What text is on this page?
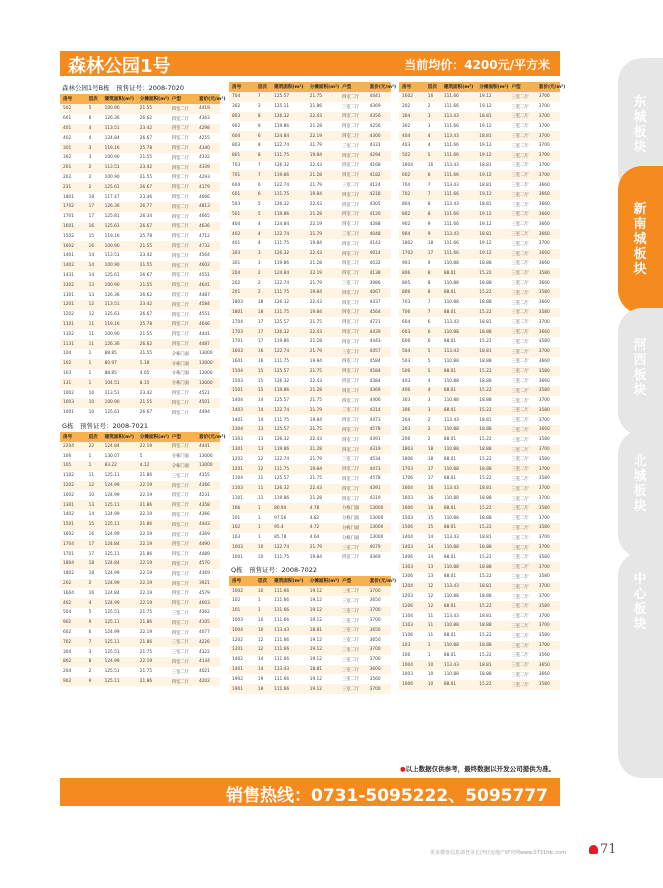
森林公园1号	当前均价：4200元/平方米
森林公园1号B栋　预售证号：2008-7020
房号	层次	建筑面积(m²)	分摊面积(m²)	户型	套价(元/m²)
502	5	100.90	21.55	四室二厅	4419
601	6	126.36	26.62	四室二厅	4363
401	4	113.51	23.42	四室二厅	4298
402	4	124.84	26.67	四室二厅	4255
301	3	119.16	25.78	四室二厅	4340
302	3	100.90	21.55	四室二厅	4332
201	2	113.51	23.42	四室二厅	4339
202	2	100.90	21.55	四室二厅	4293
231	2	125.61	26.67	四室二厅	4179
1801	18	117.47	23.46	四室二厅	4666
1702	17	126.36	26.77	四室二厅	4813
1701	17	125.81	26.34	四室二厅	4665
1601	16	125.61	26.67	四室二厅	4636
1502	15	119.16	25.78	四室二厅	4712
1602	16	100.90	21.55	四室二厅	4732
1401	14	113.51	23.42	四室二厅	4564
1402	14	100.90	21.55	四室二厅	4602
1431	14	125.61	26.67	四室二厅	4551
1302	13	100.90	21.55	四室二厅	4641
1301	13	126.36	26.62	四室二厅	4487
1201	12	113.51	23.42	四室二厅	4584
1202	12	125.61	26.67	四室二厅	4551
1101	11	119.16	25.78	四室二厅	4646
1102	11	100.90	21.55	四室二厅	4441
1131	11	126.36	26.62	四室二厅	4487
104	1	88.85	21.55	分栋门面	13000
102	1	80.97	5.18	分栋门面	13000
103	1	88.85	4.05	分栋门面	13000
131	1	104.51	8.15	分栋门面	13000
1002	10	113.51	23.42	四室二厅	4521
1003	10	100.90	21.55	四室二厅	4501
1001	10	125.61	26.67	四室二厅	4494
G栋　预售证号：2008-7021
房号	层次	建筑面积(m²)	分摊面积(m²)	户型	套价(元/m²)
2204	22	124.84	22.19	四室二厅	4441
106	1	130.07	5	分栋门面	13000
105	1	83.22	4.12	分栋门面	13000
1102	11	125.11	21.86	三室二厅	4355
1202	12	124.99	22.19	四室二厅	4366
1002	10	124.99	22.19	四室二厅	4231
1301	13	125.11	21.86	四室二厅	4358
1402	14	124.99	22.19	四室二厅	4366
1501	15	125.11	21.86	四室二厅	4443
1602	16	124.99	22.19	四室二厅	4369
1704	17	124.84	22.19	四室二厅	4490
1701	17	125.11	21.86	四室二厅	4489
1804	18	124.84	22.19	四室二厅	4570
1802	18	124.99	22.19	四室二厅	4369
202	2	124.99	22.19	四室二厅	3921
1604	16	124.84	22.19	四室二厅	4579
402	4	124.99	22.19	四室二厅	4003
504	5	125.51	21.75	三室二厅	4362
902	9	125.11	21.86	四室二厅	4105
602	6	124.99	22.19	四室二厅	4077
702	7	125.11	21.86	三室二厅	4226
304	3	125.51	21.75	三室二厅	4322
802	8	124.99	22.19	四室二厅	4134
204	2	125.51	21.75	三室二厅	4021
902	9	125.11	21.86	四室二厅	4202
房号	层次	建筑面积(m²)	分摊面积(m²)	户型	套价(元/m²)
704	7	125.57	21.75	四室二厅	4441
302	3	125.11	21.86	三室二厅	4369
803	8	126.32	22.43	四室二厅	4356
902	9	119.86	21.28	四室二厅	4256
604	6	124.84	22.19	四室二厅	4300
803	8	122.74	21.79	三室二厅	4331
801	8	111.75	19.84	四室二厅	4294
703	7	126.32	22.43	四室二厅	4168
701	7	119.86	21.28	四室二厅	4182
604	6	122.74	21.79	三室二厅	4124
601	6	111.75	19.84	四室二厅	4218
503	5	126.32	22.43	四室二厅	4305
501	5	119.86	21.28	四室二厅	4120
404	4	124.84	22.19	四室二厅	4288
402	4	122.74	21.79	三室二厅	4048
401	4	111.75	19.84	四室二厅	4143
303	3	126.32	22.43	四室二厅	4014
301	3	119.86	21.28	四室二厅	4032
204	2	124.84	22.19	四室二厅	4138
202	2	122.74	21.79	三室二厅	3986
201	2	111.75	19.84	四室二厅	4067
1803	18	126.32	22.43	四室二厅	4437
1801	18	111.75	19.84	四室二厅	4564
1704	17	125.57	21.75	四室二厅	4721
1703	17	126.32	22.43	四室二厅	4439
1701	17	119.86	21.28	四室二厅	4443
1603	16	122.74	21.79	三室二厅	4457
1601	16	111.75	19.84	四室二厅	4584
1504	15	125.57	21.75	四室二厅	4584
1503	15	126.32	22.43	四室二厅	4384
1501	15	119.86	21.28	四室二厅	4369
1404	14	125.57	21.75	四室二厅	4406
1403	14	122.74	21.79	三室二厅	4314
1401	14	111.75	19.84	四室二厅	4473
1304	13	125.57	21.75	四室二厅	4578
1303	13	126.32	22.43	四室二厅	4391
1301	13	119.86	21.28	四室二厅	4319
1202	12	122.74	21.79	三室二厅	4534
1201	12	111.75	19.84	四室二厅	4473
1104	11	125.57	21.75	四室二厅	4578
1103	11	126.32	22.43	四室二厅	4391
1101	11	119.86	21.28	四室二厅	4319
106	1	80.94	4.78	分栋门面	13000
101	1	97.56	4.82	分栋门面	13000
102	1	95.4	4.72	分栋门面	13000
103	1	85.78	4.64	分栋门面	13000
1003	10	122.74	21.79	三室二厅	4079
1001	10	111.75	19.84	四室二厅	4369
Q栋　预售证号：2008-7022
房号	层次	建筑面积(m²)	分摊面积(m²)	户型	套价(元/m²)
1002	10	111.66	19.12	三室二厅	3700
102	1	111.66	19.12	三室二厅	3650
101	1	111.66	19.12	三室二厅	3700
1003	10	111.66	19.12	三室二厅	3700
1004	10	113.43	18.81	三室二厅	3650
1202	12	111.66	19.12	三室二厅	3650
1201	12	111.66	19.12	三室二厅	3700
1402	14	111.66	19.12	三室二厅	3700
1401	14	113.43	18.81	三室二厅	3600
1902	19	111.66	19.12	三室二厅	3560
1901	19	111.66	19.12	三室二厅	3700
房号	层次	建筑面积(m²)	分摊面积(m²)	户型	套价(元/m²)
1602	16	111.66	19.12	三室二厅	3700
202	2	111.66	19.12	三室二厅	3700
304	3	113.43	18.81	三室二厅	3700
302	3	111.66	19.12	三室二厅	3700
404	4	113.43	18.81	三室二厅	3700
403	4	111.66	19.12	三室二厅	3700
502	5	111.66	19.12	三室二厅	3700
1604	16	113.43	18.81	三室二厅	3700
602	6	111.66	19.12	三室二厅	3700
704	7	113.43	18.81	三室二厅	3660
702	7	111.66	19.12	三室二厅	3660
804	8	113.43	18.81	三室二厅	3660
802	8	111.66	19.12	三室二厅	3660
902	9	111.66	19.12	三室二厅	3660
904	9	113.43	18.81	三室二厅	3660
1802	18	111.66	19.12	三室二厅	3700
1702	17	111.66	19.12	三室二厅	3660
903	9	110.88	18.88	三室二厅	3660
806	8	88.01	15.22	三室二厅	3580
805	8	110.88	18.88	三室二厅	3660
806	8	88.01	15.22	三室二厅	3580
703	7	110.88	18.88	三室二厅	3660
706	7	88.01	15.22	三室二厅	3580
604	6	113.43	18.81	三室二厅	3700
603	6	110.88	18.88	三室二厅	3660
606	6	88.01	15.22	三室二厅	3580
504	5	113.43	18.81	三室二厅	3700
503	5	110.88	18.88	三室二厅	3660
506	5	88.01	15.22	三室二厅	3580
403	4	110.88	18.88	三室二厅	3660
406	4	88.01	15.22	三室二厅	3580
303	3	110.88	18.88	三室二厅	3700
306	3	88.01	15.22	三室二厅	3580
204	2	113.43	18.81	三室二厅	3700
203	2	110.88	18.88	三室二厅	3660
206	2	88.01	15.22	三室二厅	3580
1803	18	110.88	18.88	三室二厅	3700
1806	18	88.01	15.22	三室二厅	3580
1703	17	110.88	18.88	三室二厅	3700
1706	17	88.01	15.22	三室二厅	3580
1604	16	113.43	18.81	三室二厅	3700
1603	16	110.88	18.88	三室二厅	3700
1606	16	88.01	15.22	三室二厅	3580
1503	15	110.88	18.88	三室二厅	3700
1506	15	88.01	15.22	三室二厅	3580
1404	14	113.43	18.81	三室二厅	3700
1403	14	110.88	18.88	三室二厅	3700
1406	14	88.01	15.22	三室二厅	3580
1303	13	110.88	18.88	三室二厅	3700
1306	13	88.01	15.22	三室二厅	3580
1204	12	113.43	18.81	三室二厅	3700
1203	12	110.88	18.88	三室二厅	3700
1206	12	88.01	15.22	三室二厅	3580
1104	11	113.43	18.81	三室二厅	3700
1103	11	110.88	18.88	三室二厅	3700
1106	11	88.01	15.22	三室二厅	3580
103	1	110.88	18.88	三室二厅	3700
106	1	88.01	15.22	三室二厅	3560
1004	10	113.43	18.81	三室二厅	3650
1003	10	110.88	18.88	三室二厅	3660
1006	10	88.01	15.22	三室二厅	3580
东城板块
新南城板块
河西板块
北城板块
中心板块
●以上数据仅供参考，最终数据以开发公司提供为准。
销售热线：0731-5095222、5095777
更多楼盘信息请登录长沙好房地产研究网www.0731fdc.com	71
